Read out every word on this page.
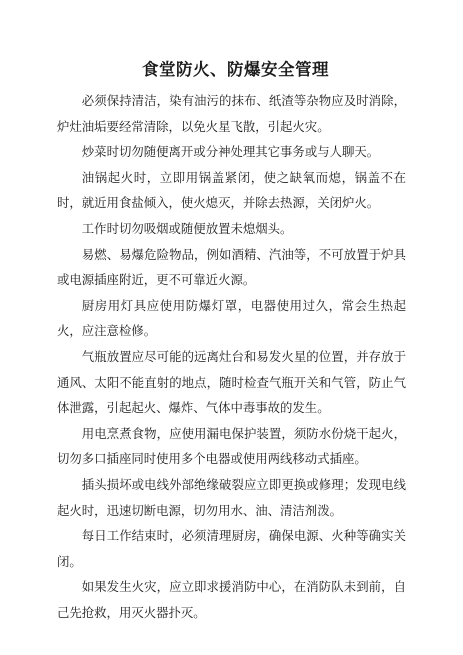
食堂防火、防爆安全管理

必须保持清洁，染有油污的抹布、纸渣等杂物应及时消除，炉灶油垢要经常清除，以免火星飞散，引起火灾。

炒菜时切勿随便离开或分神处理其它事务或与人聊天。

油锅起火时，立即用锅盖紧闭，使之缺氧而熄，锅盖不在时，就近用食盐倾入，使火熄灭，并除去热源，关闭炉火。

工作时切勿吸烟或随便放置未熄烟头。

易燃、易爆危险物品，例如酒精、汽油等，不可放置于炉具或电源插座附近，更不可靠近火源。

厨房用灯具应使用防爆灯罩，电器使用过久，常会生热起火，应注意检修。

气瓶放置应尽可能的远离灶台和易发火星的位置，并存放于通风、太阳不能直射的地点，随时检查气瓶开关和气管，防止气体泄露，引起起火、爆炸、气体中毒事故的发生。

用电烹煮食物，应使用漏电保护装置，须防水份烧干起火，切勿多口插座同时使用多个电器或使用两线移动式插座。

插头损坏或电线外部绝缘破裂应立即更换或修理；发现电线起火时，迅速切断电源，切勿用水、油、清洁剂泼。

每日工作结束时，必须清理厨房，确保电源、火种等确实关闭。

如果发生火灾，应立即求援消防中心，在消防队未到前，自己先抢救，用灭火器扑灭。
